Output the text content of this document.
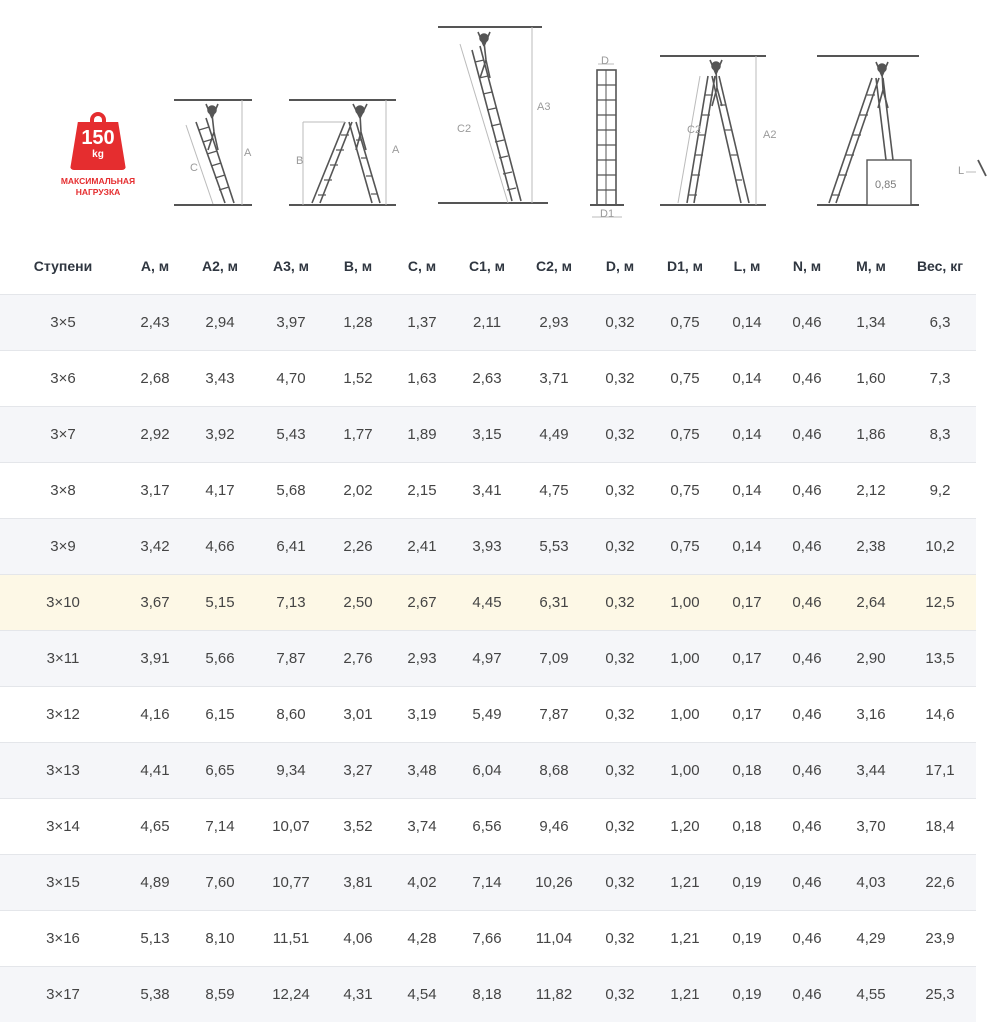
150
kg
МАКСИМАЛЬНАЯ
НАГРУЗКА
C
A
B
A
C2
A3
D
D1
C2	A2
0,85
L
Ступени	A, м	A2, м	A3, м	B, м	C, м	C1, м	C2, м	D, м	D1, м	L, м	N, м	M, м	Вес, кг
3×5	2,43	2,94	3,97	1,28	1,37	2,11	2,93	0,32	0,75	0,14	0,46	1,34	6,3
3×6	2,68	3,43	4,70	1,52	1,63	2,63	3,71	0,32	0,75	0,14	0,46	1,60	7,3
3×7	2,92	3,92	5,43	1,77	1,89	3,15	4,49	0,32	0,75	0,14	0,46	1,86	8,3
3×8	3,17	4,17	5,68	2,02	2,15	3,41	4,75	0,32	0,75	0,14	0,46	2,12	9,2
3×9	3,42	4,66	6,41	2,26	2,41	3,93	5,53	0,32	0,75	0,14	0,46	2,38	10,2
3×10	3,67	5,15	7,13	2,50	2,67	4,45	6,31	0,32	1,00	0,17	0,46	2,64	12,5
3×11	3,91	5,66	7,87	2,76	2,93	4,97	7,09	0,32	1,00	0,17	0,46	2,90	13,5
3×12	4,16	6,15	8,60	3,01	3,19	5,49	7,87	0,32	1,00	0,17	0,46	3,16	14,6
3×13	4,41	6,65	9,34	3,27	3,48	6,04	8,68	0,32	1,00	0,18	0,46	3,44	17,1
3×14	4,65	7,14	10,07	3,52	3,74	6,56	9,46	0,32	1,20	0,18	0,46	3,70	18,4
3×15	4,89	7,60	10,77	3,81	4,02	7,14	10,26	0,32	1,21	0,19	0,46	4,03	22,6
3×16	5,13	8,10	11,51	4,06	4,28	7,66	11,04	0,32	1,21	0,19	0,46	4,29	23,9
3×17	5,38	8,59	12,24	4,31	4,54	8,18	11,82	0,32	1,21	0,19	0,46	4,55	25,3
